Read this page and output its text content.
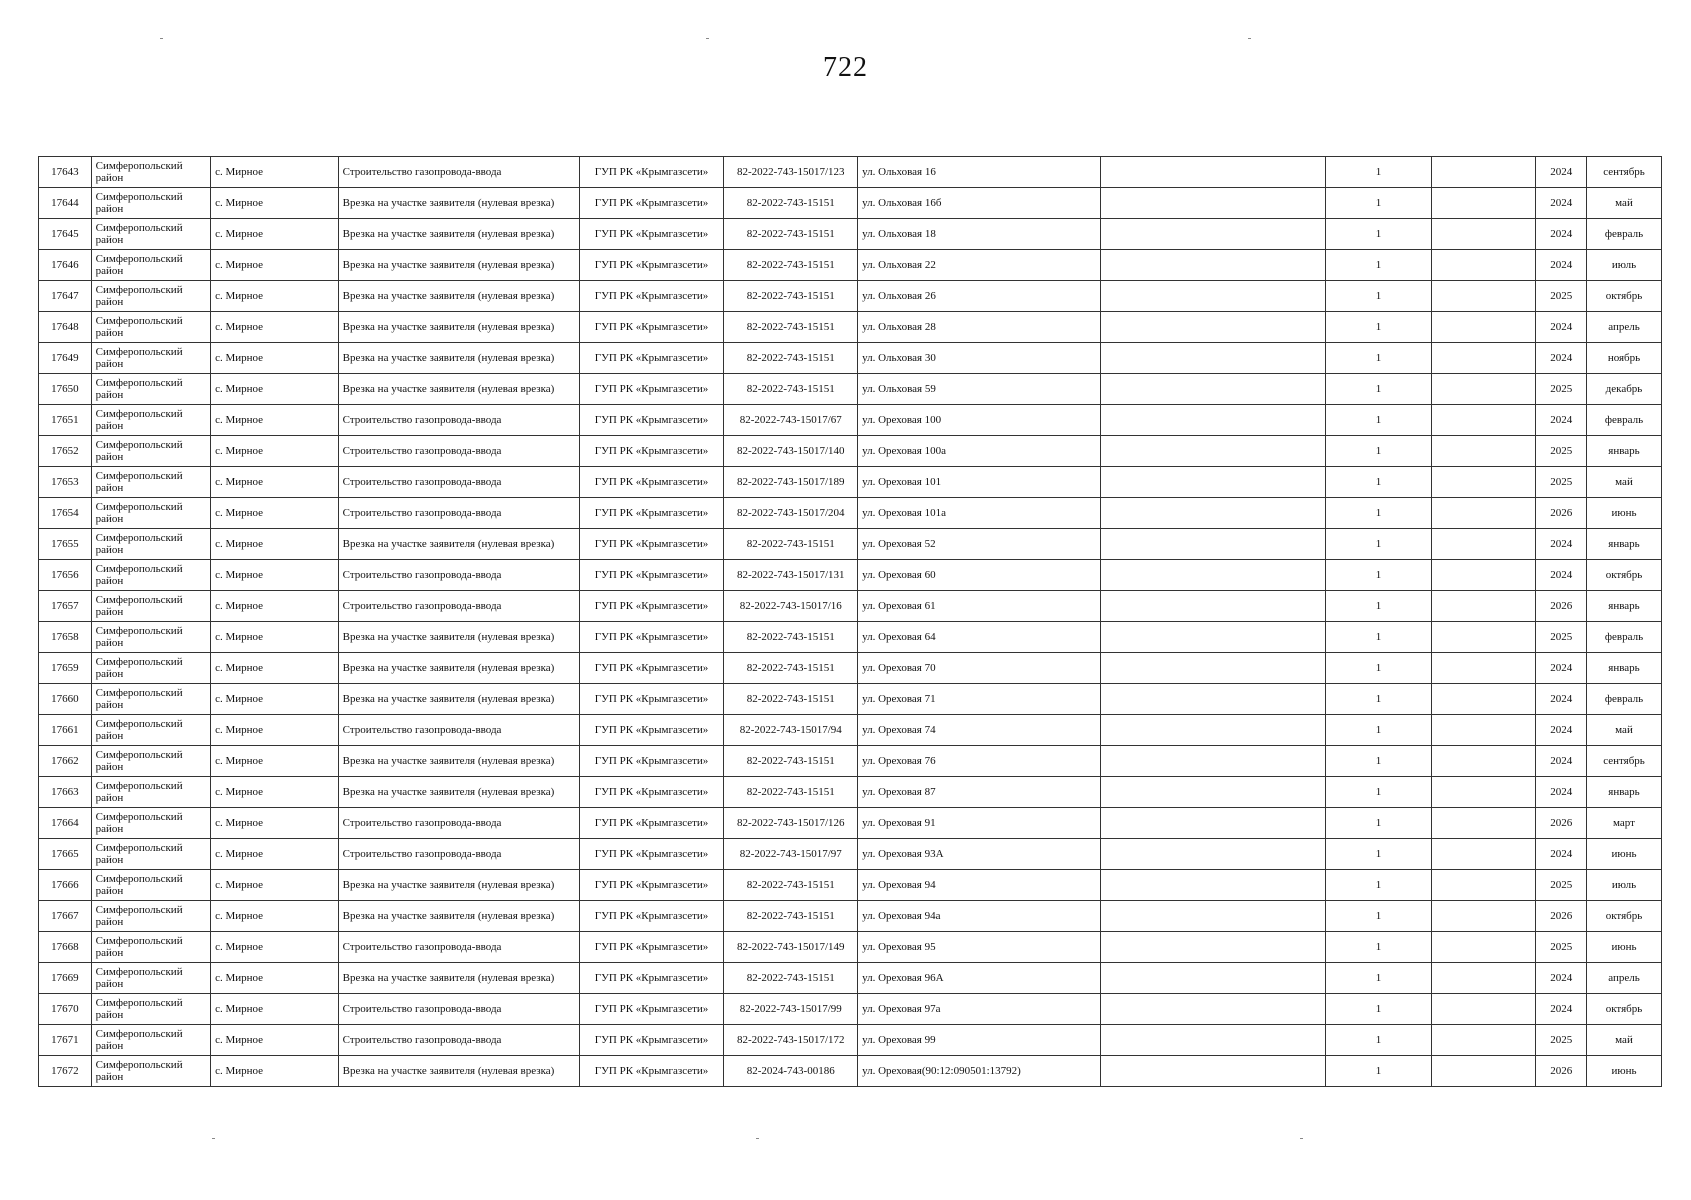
722
17643	Симферопольский район	с. Мирное	Строительство газопровода-ввода	ГУП РК «Крымгазсети»	82-2022-743-15017/123	ул. Ольховая 16		1		2024	сентябрь
17644	Симферопольский район	с. Мирное	Врезка на участке заявителя (нулевая врезка)	ГУП РК «Крымгазсети»	82-2022-743-15151	ул. Ольховая 16б		1		2024	май
17645	Симферопольский район	с. Мирное	Врезка на участке заявителя (нулевая врезка)	ГУП РК «Крымгазсети»	82-2022-743-15151	ул. Ольховая 18		1		2024	февраль
17646	Симферопольский район	с. Мирное	Врезка на участке заявителя (нулевая врезка)	ГУП РК «Крымгазсети»	82-2022-743-15151	ул. Ольховая 22		1		2024	июль
17647	Симферопольский район	с. Мирное	Врезка на участке заявителя (нулевая врезка)	ГУП РК «Крымгазсети»	82-2022-743-15151	ул. Ольховая 26		1		2025	октябрь
17648	Симферопольский район	с. Мирное	Врезка на участке заявителя (нулевая врезка)	ГУП РК «Крымгазсети»	82-2022-743-15151	ул. Ольховая 28		1		2024	апрель
17649	Симферопольский район	с. Мирное	Врезка на участке заявителя (нулевая врезка)	ГУП РК «Крымгазсети»	82-2022-743-15151	ул. Ольховая 30		1		2024	ноябрь
17650	Симферопольский район	с. Мирное	Врезка на участке заявителя (нулевая врезка)	ГУП РК «Крымгазсети»	82-2022-743-15151	ул. Ольховая 59		1		2025	декабрь
17651	Симферопольский район	с. Мирное	Строительство газопровода-ввода	ГУП РК «Крымгазсети»	82-2022-743-15017/67	ул. Ореховая 100		1		2024	февраль
17652	Симферопольский район	с. Мирное	Строительство газопровода-ввода	ГУП РК «Крымгазсети»	82-2022-743-15017/140	ул. Ореховая 100а		1		2025	январь
17653	Симферопольский район	с. Мирное	Строительство газопровода-ввода	ГУП РК «Крымгазсети»	82-2022-743-15017/189	ул. Ореховая 101		1		2025	май
17654	Симферопольский район	с. Мирное	Строительство газопровода-ввода	ГУП РК «Крымгазсети»	82-2022-743-15017/204	ул. Ореховая 101а		1		2026	июнь
17655	Симферопольский район	с. Мирное	Врезка на участке заявителя (нулевая врезка)	ГУП РК «Крымгазсети»	82-2022-743-15151	ул. Ореховая 52		1		2024	январь
17656	Симферопольский район	с. Мирное	Строительство газопровода-ввода	ГУП РК «Крымгазсети»	82-2022-743-15017/131	ул. Ореховая 60		1		2024	октябрь
17657	Симферопольский район	с. Мирное	Строительство газопровода-ввода	ГУП РК «Крымгазсети»	82-2022-743-15017/16	ул. Ореховая 61		1		2026	январь
17658	Симферопольский район	с. Мирное	Врезка на участке заявителя (нулевая врезка)	ГУП РК «Крымгазсети»	82-2022-743-15151	ул. Ореховая 64		1		2025	февраль
17659	Симферопольский район	с. Мирное	Врезка на участке заявителя (нулевая врезка)	ГУП РК «Крымгазсети»	82-2022-743-15151	ул. Ореховая 70		1		2024	январь
17660	Симферопольский район	с. Мирное	Врезка на участке заявителя (нулевая врезка)	ГУП РК «Крымгазсети»	82-2022-743-15151	ул. Ореховая 71		1		2024	февраль
17661	Симферопольский район	с. Мирное	Строительство газопровода-ввода	ГУП РК «Крымгазсети»	82-2022-743-15017/94	ул. Ореховая 74		1		2024	май
17662	Симферопольский район	с. Мирное	Врезка на участке заявителя (нулевая врезка)	ГУП РК «Крымгазсети»	82-2022-743-15151	ул. Ореховая 76		1		2024	сентябрь
17663	Симферопольский район	с. Мирное	Врезка на участке заявителя (нулевая врезка)	ГУП РК «Крымгазсети»	82-2022-743-15151	ул. Ореховая 87		1		2024	январь
17664	Симферопольский район	с. Мирное	Строительство газопровода-ввода	ГУП РК «Крымгазсети»	82-2022-743-15017/126	ул. Ореховая 91		1		2026	март
17665	Симферопольский район	с. Мирное	Строительство газопровода-ввода	ГУП РК «Крымгазсети»	82-2022-743-15017/97	ул. Ореховая 93А		1		2024	июнь
17666	Симферопольский район	с. Мирное	Врезка на участке заявителя (нулевая врезка)	ГУП РК «Крымгазсети»	82-2022-743-15151	ул. Ореховая 94		1		2025	июль
17667	Симферопольский район	с. Мирное	Врезка на участке заявителя (нулевая врезка)	ГУП РК «Крымгазсети»	82-2022-743-15151	ул. Ореховая 94а		1		2026	октябрь
17668	Симферопольский район	с. Мирное	Строительство газопровода-ввода	ГУП РК «Крымгазсети»	82-2022-743-15017/149	ул. Ореховая 95		1		2025	июнь
17669	Симферопольский район	с. Мирное	Врезка на участке заявителя (нулевая врезка)	ГУП РК «Крымгазсети»	82-2022-743-15151	ул. Ореховая 96А		1		2024	апрель
17670	Симферопольский район	с. Мирное	Строительство газопровода-ввода	ГУП РК «Крымгазсети»	82-2022-743-15017/99	ул. Ореховая 97а		1		2024	октябрь
17671	Симферопольский район	с. Мирное	Строительство газопровода-ввода	ГУП РК «Крымгазсети»	82-2022-743-15017/172	ул. Ореховая 99		1		2025	май
17672	Симферопольский район	с. Мирное	Врезка на участке заявителя (нулевая врезка)	ГУП РК «Крымгазсети»	82-2024-743-00186	ул. Ореховая(90:12:090501:13792)		1		2026	июнь
